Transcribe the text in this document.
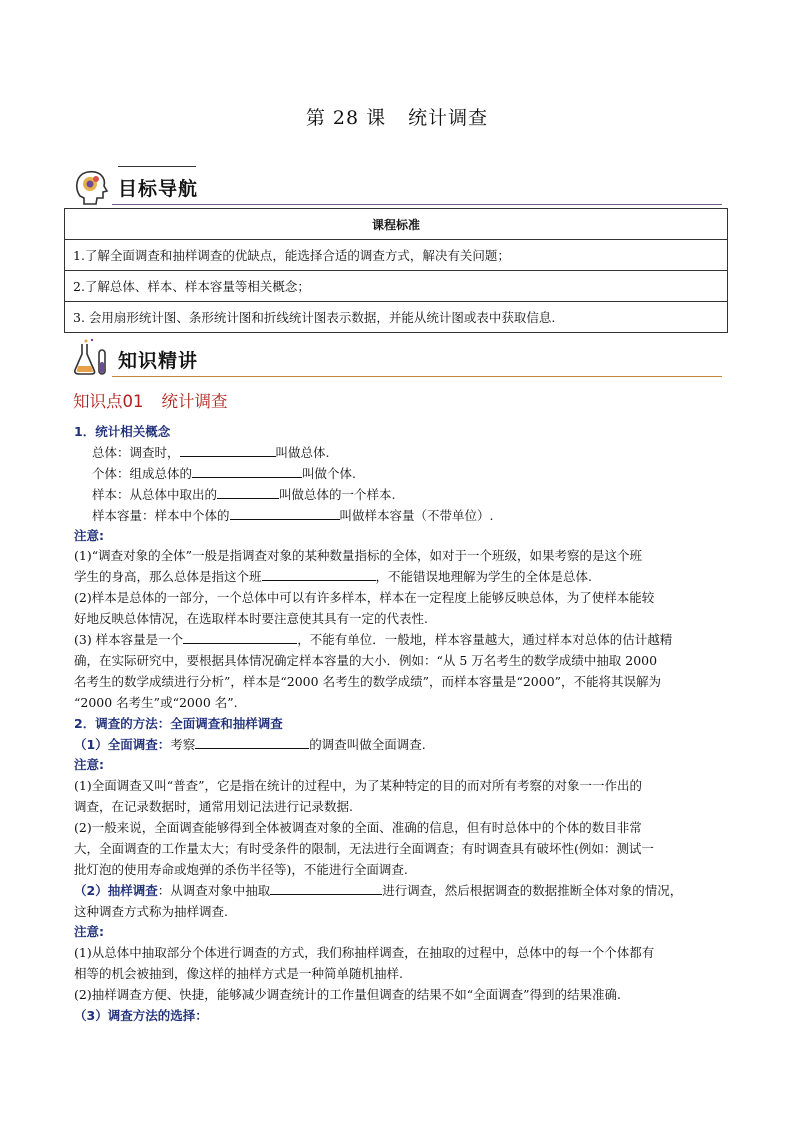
第 28 课 统计调查
目标导航
课程标准
1.了解全面调查和抽样调查的优缺点，能选择合适的调查方式，解决有关问题；
2.了解总体、样本、样本容量等相关概念；
3. 会用扇形统计图、条形统计图和折线统计图表示数据，并能从统计图或表中获取信息.
知识精讲
知识点01 统计调查
1．统计相关概念
总体：调查时，	叫做总体.
个体：组成总体的	叫做个体.
样本：从总体中取出的	叫做总体的一个样本.
样本容量：样本中个体的	叫做样本容量（不带单位）.
注意:
(1)“调查对象的全体”一般是指调查对象的某种数量指标的全体，如对于一个班级，如果考察的是这个班
学生的身高，那么总体是指这个班	，不能错误地理解为学生的全体是总体.
(2)样本是总体的一部分，一个总体中可以有许多样本，样本在一定程度上能够反映总体，为了使样本能较
好地反映总体情况，在选取样本时要注意使其具有一定的代表性.
(3) 样本容量是一个	，不能有单位．一般地，样本容量越大，通过样本对总体的估计越精
确，在实际研究中，要根据具体情况确定样本容量的大小．例如：“从 5 万名考生的数学成绩中抽取 2000
名考生的数学成绩进行分析”，样本是“2000 名考生的数学成绩”，而样本容量是“2000”，不能将其误解为
“2000 名考生”或“2000 名”.
2．调查的方法：全面调查和抽样调查
（1）全面调查：考察	的调查叫做全面调查.
注意:
(1)全面调查又叫“普查”，它是指在统计的过程中，为了某种特定的目的而对所有考察的对象一一作出的
调查，在记录数据时，通常用划记法进行记录数据.
(2)一般来说，全面调查能够得到全体被调查对象的全面、准确的信息，但有时总体中的个体的数目非常
大，全面调查的工作量太大；有时受条件的限制，无法进行全面调查；有时调查具有破坏性(例如：测试一
批灯泡的使用寿命或炮弹的杀伤半径等)，不能进行全面调查.
（2）抽样调查：从调查对象中抽取	进行调查，然后根据调查的数据推断全体对象的情况，
这种调查方式称为抽样调查.
注意:
(1)从总体中抽取部分个体进行调查的方式，我们称抽样调查，在抽取的过程中，总体中的每一个个体都有
相等的机会被抽到，像这样的抽样方式是一种简单随机抽样.
(2)抽样调查方便、快捷，能够减少调查统计的工作量但调查的结果不如“全面调查”得到的结果准确.
（3）调查方法的选择：
